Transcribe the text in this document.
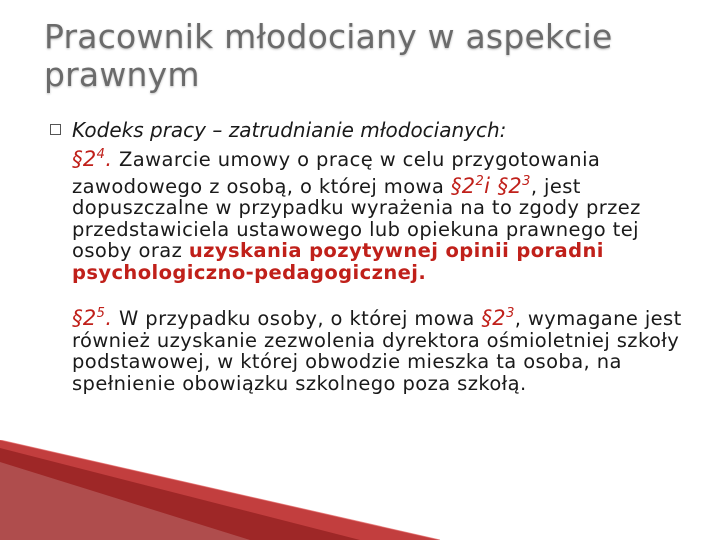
Pracownik młodociany w aspekcie prawnym
Kodeks pracy – zatrudnianie młodocianych:
$\S 2^4$. Zawarcie umowy o pracę w celu przygotowania zawodowego z osobą, o której mowa $\S 2^2i$ $\S 2^3$, jest dopuszczalne w przypadku wyrażenia na to zgody przez przedstawiciela ustawowego lub opiekuna prawnego tej osoby oraz uzyskania pozytywnej opinii poradni psychologiczno-pedagogicznej.
$\S 2^5$. W przypadku osoby, o której mowa $\S 2^3$, wymagane jest również uzyskanie zezwolenia dyrektora ośmioletniej szkoły podstawowej, w której obwodzie mieszka ta osoba, na spełnienie obowiązku szkolnego poza szkołą.
